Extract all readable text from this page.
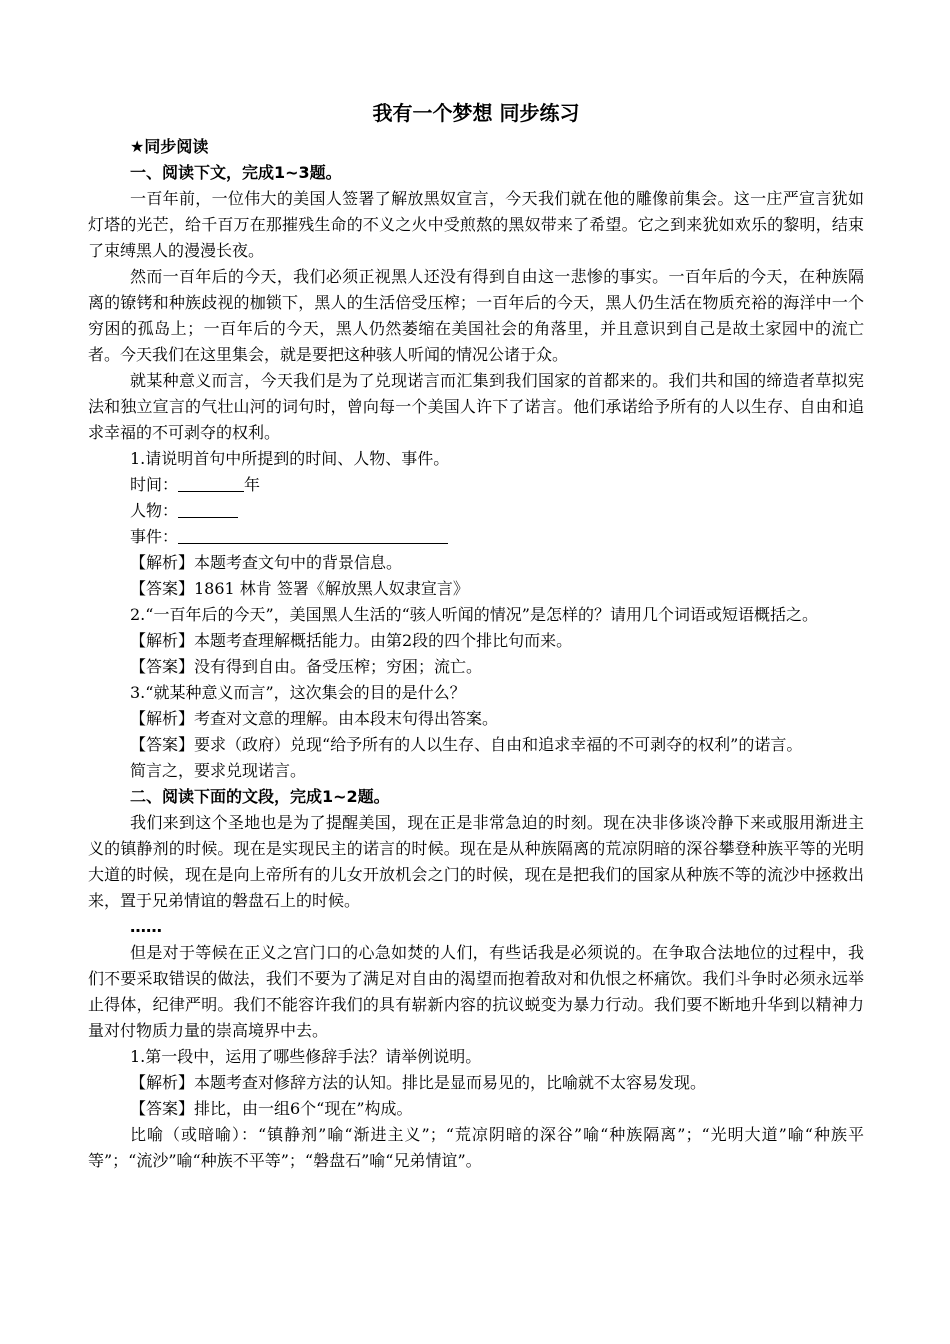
我有一个梦想 同步练习

★同步阅读

一、阅读下文，完成1~3题。

一百年前，一位伟大的美国人签署了解放黑奴宣言，今天我们就在他的雕像前集会。这一庄严宣言犹如灯塔的光芒，给千百万在那摧残生命的不义之火中受煎熬的黑奴带来了希望。它之到来犹如欢乐的黎明，结束了束缚黑人的漫漫长夜。

然而一百年后的今天，我们必须正视黑人还没有得到自由这一悲惨的事实。一百年后的今天，在种族隔离的镣铐和种族歧视的枷锁下，黑人的生活倍受压榨；一百年后的今天，黑人仍生活在物质充裕的海洋中一个穷困的孤岛上；一百年后的今天，黑人仍然萎缩在美国社会的角落里，并且意识到自己是故土家园中的流亡者。今天我们在这里集会，就是要把这种骇人听闻的情况公诸于众。

就某种意义而言，今天我们是为了兑现诺言而汇集到我们国家的首都来的。我们共和国的缔造者草拟宪法和独立宣言的气壮山河的词句时，曾向每一个美国人许下了诺言。他们承诺给予所有的人以生存、自由和追求幸福的不可剥夺的权利。

1.请说明首句中所提到的时间、人物、事件。

时间：	年

人物：

事件：

【解析】本题考查文句中的背景信息。

【答案】1861 林肯 签署《解放黑人奴隶宣言》

2.“一百年后的今天”，美国黑人生活的“骇人听闻的情况”是怎样的？请用几个词语或短语概括之。

【解析】本题考查理解概括能力。由第2段的四个排比句而来。

【答案】没有得到自由。备受压榨；穷困；流亡。

3.“就某种意义而言”，这次集会的目的是什么？

【解析】考查对文意的理解。由本段末句得出答案。

【答案】要求（政府）兑现“给予所有的人以生存、自由和追求幸福的不可剥夺的权利”的诺言。

简言之，要求兑现诺言。

二、阅读下面的文段，完成1~2题。

我们来到这个圣地也是为了提醒美国，现在正是非常急迫的时刻。现在决非侈谈冷静下来或服用渐进主义的镇静剂的时候。现在是实现民主的诺言的时候。现在是从种族隔离的荒凉阴暗的深谷攀登种族平等的光明大道的时候，现在是向上帝所有的儿女开放机会之门的时候，现在是把我们的国家从种族不等的流沙中拯救出来，置于兄弟情谊的磐盘石上的时候。

……

但是对于等候在正义之宫门口的心急如焚的人们，有些话我是必须说的。在争取合法地位的过程中，我们不要采取错误的做法，我们不要为了满足对自由的渴望而抱着敌对和仇恨之杯痛饮。我们斗争时必须永远举止得体，纪律严明。我们不能容许我们的具有崭新内容的抗议蜕变为暴力行动。我们要不断地升华到以精神力量对付物质力量的崇高境界中去。

1.第一段中，运用了哪些修辞手法？请举例说明。

【解析】本题考查对修辞方法的认知。排比是显而易见的，比喻就不太容易发现。

【答案】排比，由一组6个“现在”构成。

比喻（或暗喻）：“镇静剂”喻“渐进主义”；“荒凉阴暗的深谷”喻“种族隔离”；“光明大道”喻“种族平等”；“流沙”喻“种族不平等”；“磐盘石”喻“兄弟情谊”。
